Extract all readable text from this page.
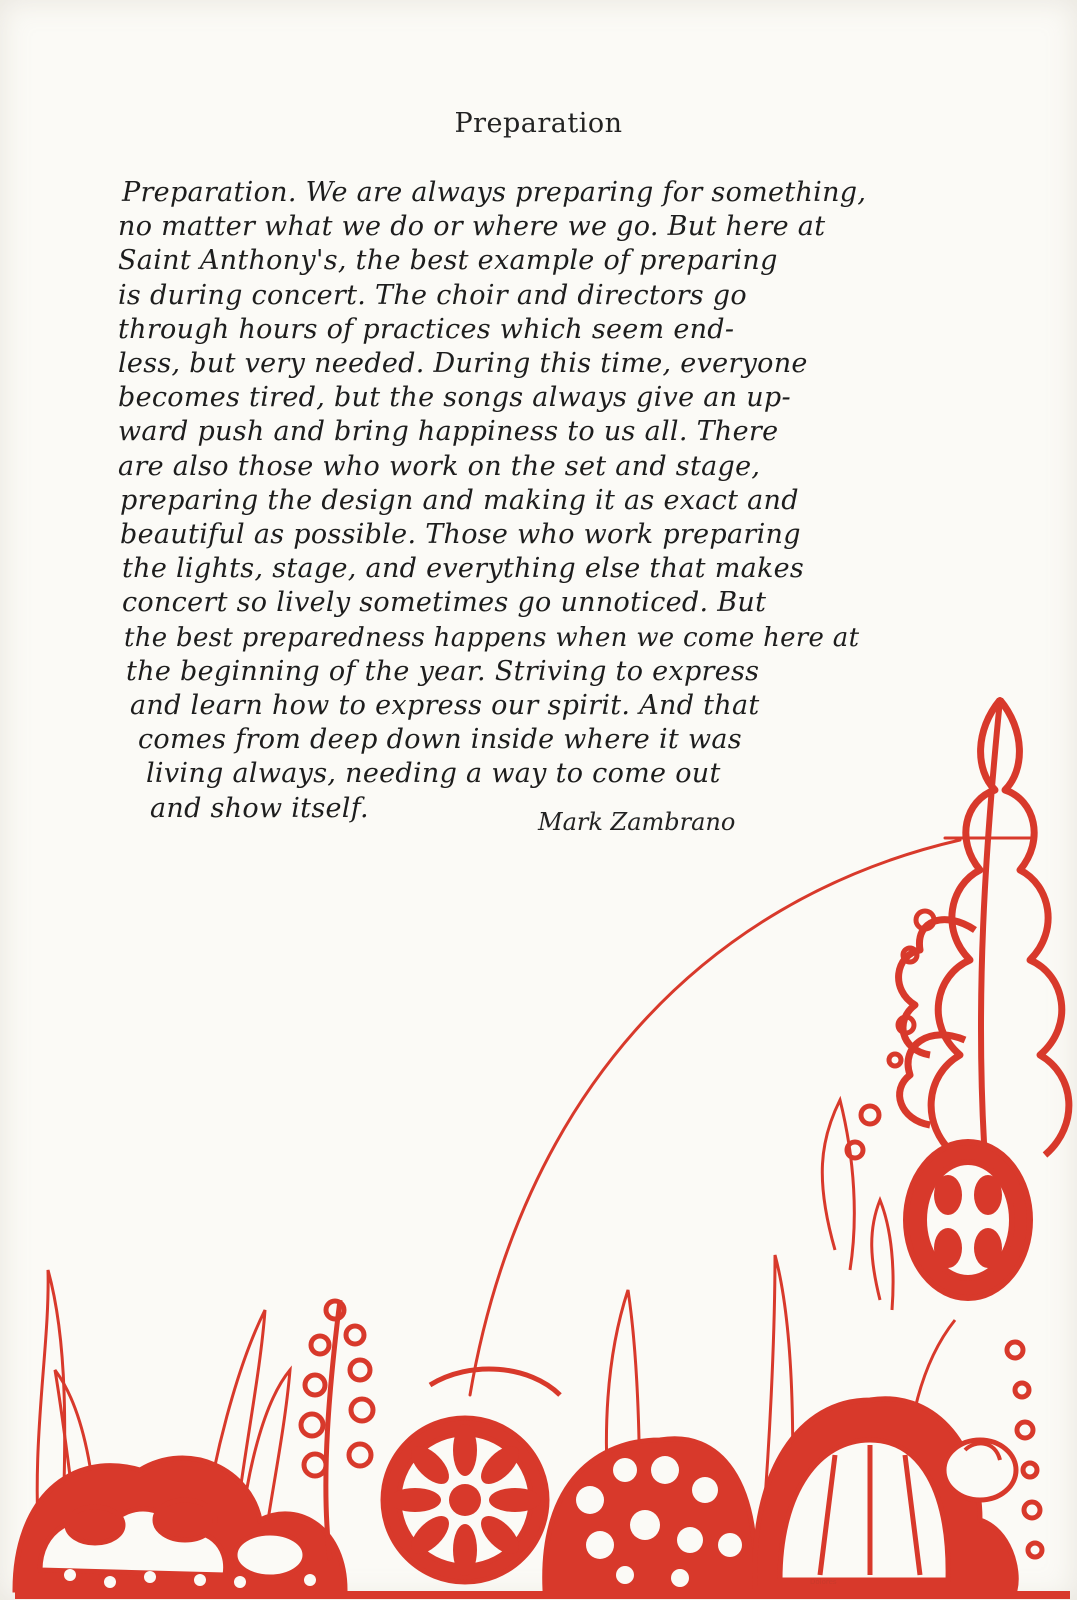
Preparation
Preparation. We are always preparing for something,
no matter what we do or where we go. But here at
Saint Anthony's, the best example of preparing
is during concert. The choir and directors go
through hours of practices which seem end-
less, but very needed. During this time, everyone
becomes tired, but the songs always give an up-
ward push and bring happiness to us all. There
are also those who work on the set and stage,
preparing the design and making it as exact and
beautiful as possible. Those who work preparing
the lights, stage, and everything else that makes
concert so lively sometimes go unnoticed. But
the best preparedness happens when we come here at
the beginning of the year. Striving to express
and learn how to express our spirit. And that
comes from deep down inside where it was
living always, needing a way to come out
and show itself.	Mark Zambrano
Dolores
